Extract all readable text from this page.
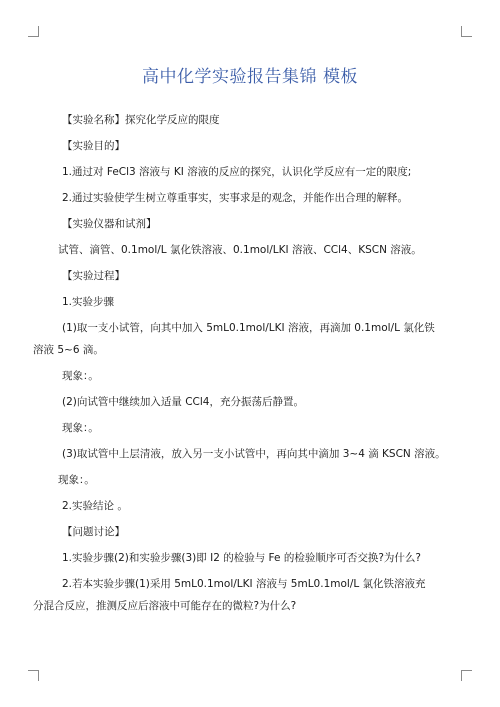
高中化学实验报告集锦 模板
【实验名称】探究化学反应的限度
【实验目的】
1.通过对 FeCl3 溶液与 KI 溶液的反应的探究，认识化学反应有一定的限度;
2.通过实验使学生树立尊重事实，实事求是的观念，并能作出合理的解释。
【实验仪器和试剂】
试管、滴管、0.1mol/L 氯化铁溶液、0.1mol/LKI 溶液、CCl4、KSCN 溶液。
【实验过程】
1.实验步骤
(1)取一支小试管，向其中加入 5mL0.1mol/LKI 溶液，再滴加 0.1mol/L 氯化铁
溶液 5~6 滴。
现象：。
(2)向试管中继续加入适量 CCl4，充分振荡后静置。
现象：。
(3)取试管中上层清液，放入另一支小试管中，再向其中滴加 3~4 滴 KSCN 溶液。
现象：。
2.实验结论 。
【问题讨论】
1.实验步骤(2)和实验步骤(3)即 I2 的检验与 Fe 的检验顺序可否交换?为什么?
2.若本实验步骤(1)采用 5mL0.1mol/LKI 溶液与 5mL0.1mol/L 氯化铁溶液充
分混合反应，推测反应后溶液中可能存在的微粒?为什么?
